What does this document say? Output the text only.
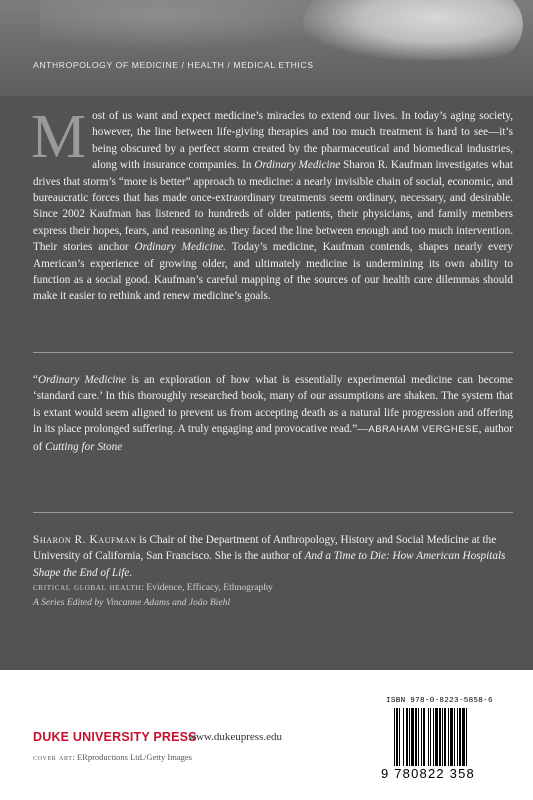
ANTHROPOLOGY OF MEDICINE / HEALTH / MEDICAL ETHICS
Most of us want and expect medicine’s miracles to extend our lives. In today’s aging society, however, the line between life-giving therapies and too much treatment is hard to see—it’s being obscured by a perfect storm created by the pharmaceutical and biomedical industries, along with insurance companies. In Ordinary Medicine Sharon R. Kaufman investigates what drives that storm’s “more is better” approach to medicine: a nearly invisible chain of social, economic, and bureaucratic forces that has made once-extraordinary treatments seem ordinary, necessary, and desirable. Since 2002 Kaufman has listened to hundreds of older patients, their physicians, and family members express their hopes, fears, and reasoning as they faced the line between enough and too much intervention. Their stories anchor Ordinary Medicine. Today’s medicine, Kaufman contends, shapes nearly every American’s experience of growing older, and ultimately medicine is undermining its own ability to function as a social good. Kaufman’s careful mapping of the sources of our health care dilemmas should make it easier to rethink and renew medicine’s goals.
“Ordinary Medicine is an exploration of how what is essentially experimental medicine can become ‘standard care.’ In this thoroughly researched book, many of our assumptions are shaken. The system that is extant would seem aligned to prevent us from accepting death as a natural life progression and offering in its place prolonged suffering. A truly engaging and provocative read.”—ABRAHAM VERGHESE, author of Cutting for Stone
Sharon R. Kaufman is Chair of the Department of Anthropology, History and Social Medicine at the University of California, San Francisco. She is the author of And a Time to Die: How American Hospitals Shape the End of Life.
critical global health: Evidence, Efficacy, Ethnography
A Series Edited by Vincanne Adams and João Biehl
DUKE UNIVERSITY PRESS
www.dukeupress.edu
cover art: ERproductions Ltd./Getty Images
ISBN 978-0-8223-5858-6
9 780822 358
